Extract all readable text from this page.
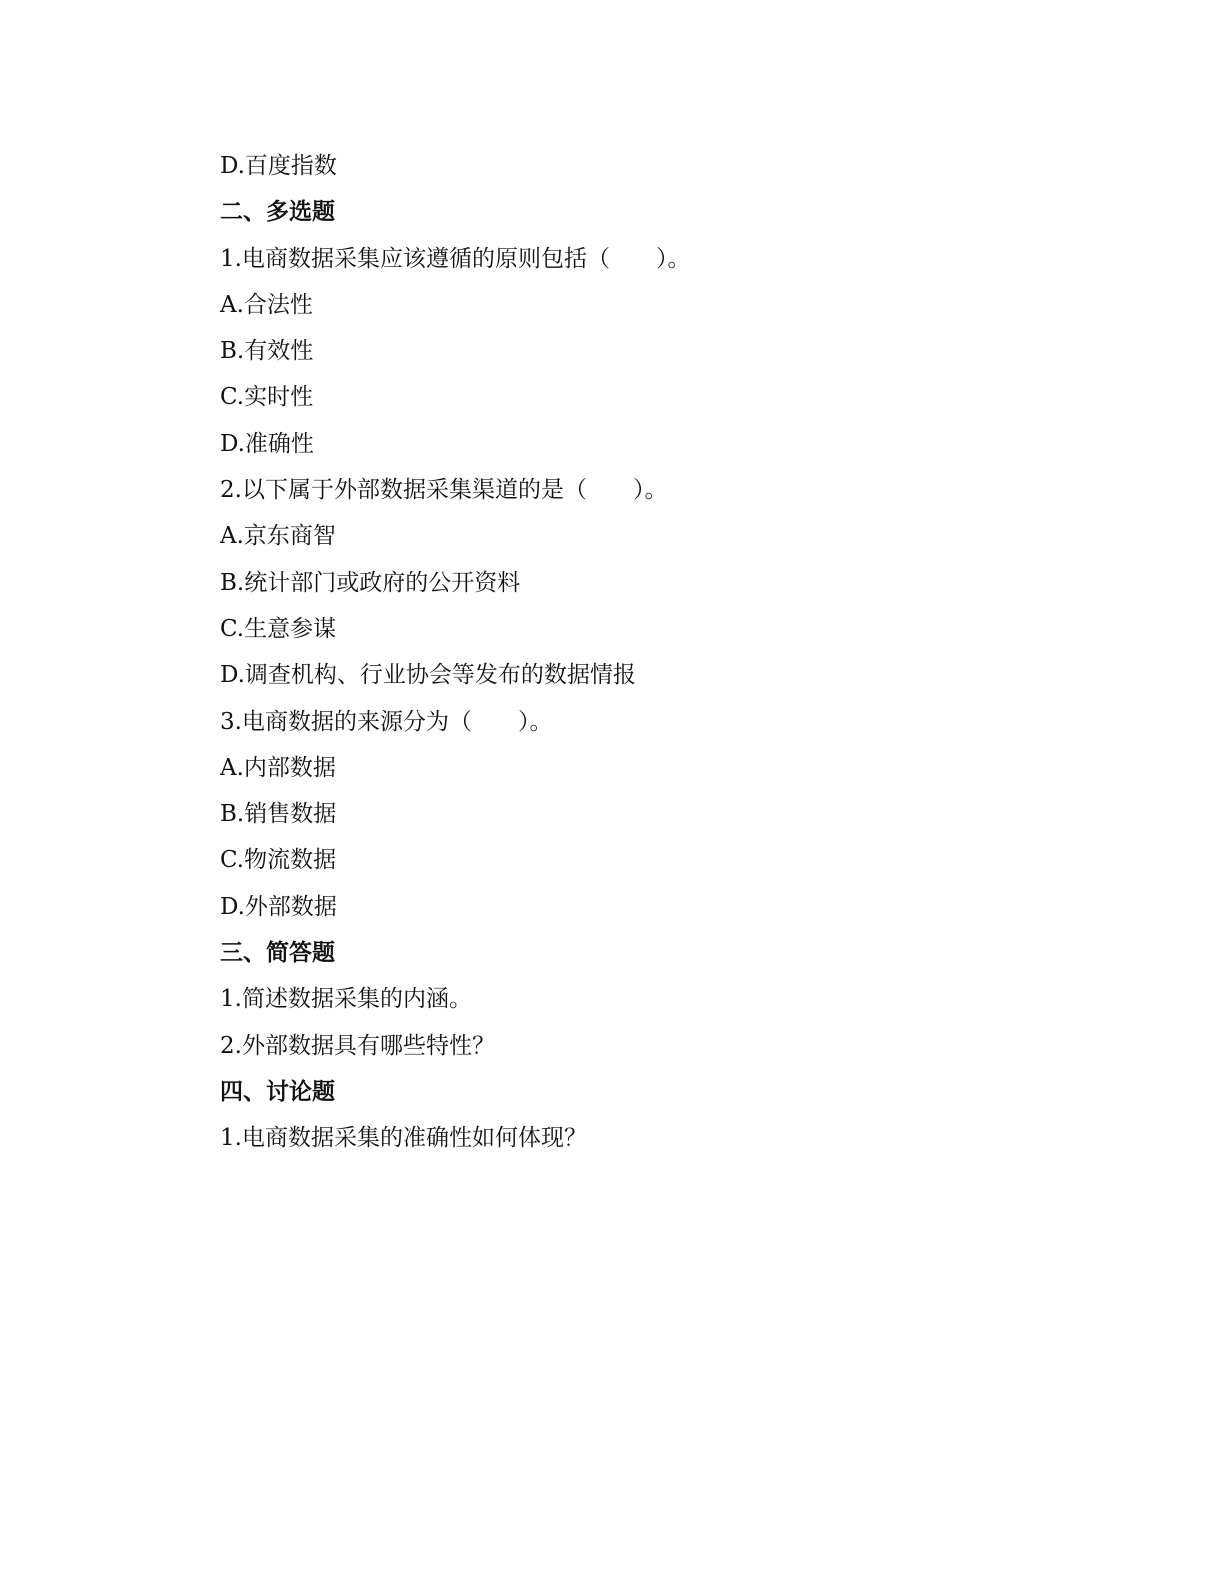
D.百度指数
二、多选题
1.电商数据采集应该遵循的原则包括（　　）。
A.合法性
B.有效性
C.实时性
D.准确性
2.以下属于外部数据采集渠道的是（　　）。
A.京东商智
B.统计部门或政府的公开资料
C.生意参谋
D.调查机构、行业协会等发布的数据情报
3.电商数据的来源分为（　　）。
A.内部数据
B.销售数据
C.物流数据
D.外部数据
三、简答题
1.简述数据采集的内涵。
2.外部数据具有哪些特性？
四、讨论题
1.电商数据采集的准确性如何体现？
